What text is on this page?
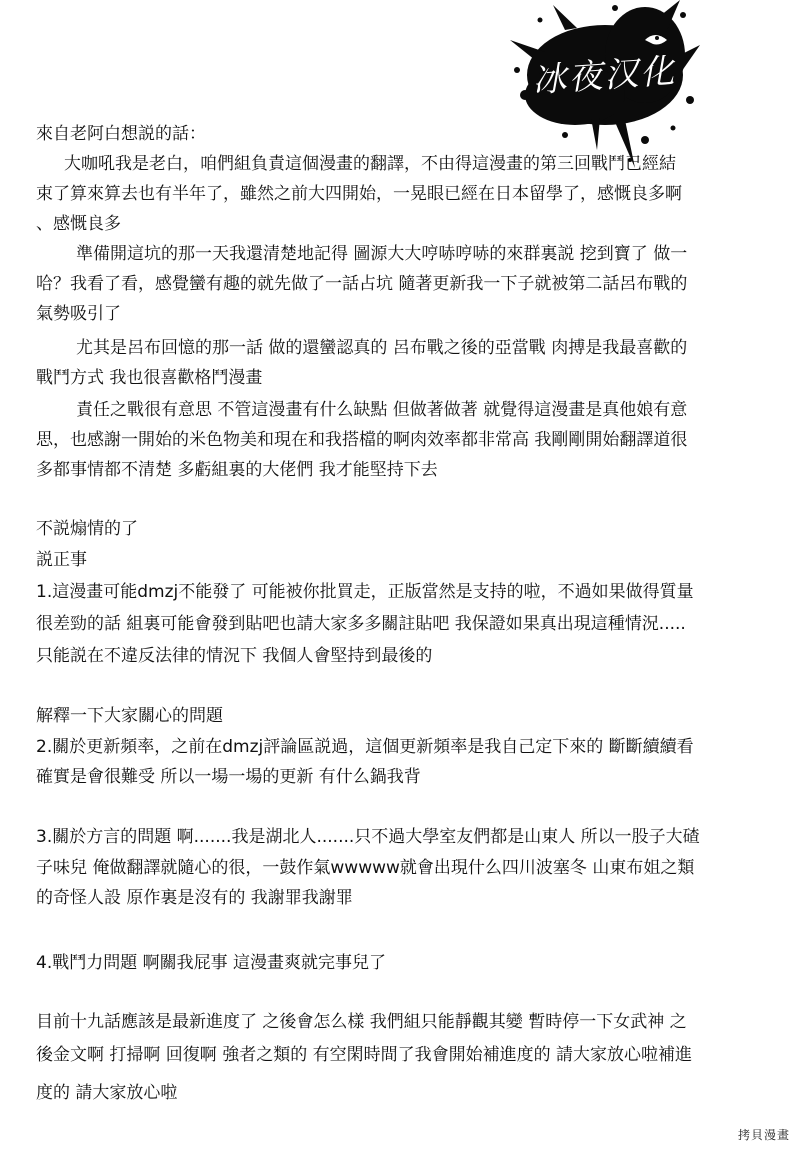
冰夜汉化
來自老阿白想説的話：
大咖吼我是老白，咱們組負責這個漫畫的翻譯，不由得這漫畫的第三回戰鬥已經結
束了算來算去也有半年了，雖然之前大四開始，一晃眼已經在日本留學了，感慨良多啊
、感慨良多
準備開這坑的那一天我還清楚地記得 圖源大大哼哧哼哧的來群裏説 挖到寶了 做一
哈？我看了看，感覺蠻有趣的就先做了一話占坑 隨著更新我一下子就被第二話呂布戰的
氣勢吸引了
尤其是呂布回憶的那一話 做的還蠻認真的 呂布戰之後的亞當戰 肉搏是我最喜歡的
戰鬥方式 我也很喜歡格鬥漫畫
責任之戰很有意思 不管這漫畫有什么缺點 但做著做著 就覺得這漫畫是真他娘有意
思，也感謝一開始的米色物美和現在和我搭檔的啊肉效率都非常高 我剛剛開始翻譯道很
多都事情都不清楚 多虧組裏的大佬們 我才能堅持下去
不説煽情的了
説正事
1.這漫畫可能dmzj不能發了 可能被你批買走，正版當然是支持的啦，不過如果做得質量
很差勁的話 組裏可能會發到貼吧也請大家多多關註貼吧 我保證如果真出現這種情況.....
只能説在不違反法律的情況下 我個人會堅持到最後的
解釋一下大家關心的問題
2.關於更新頻率，之前在dmzj評論區説過，這個更新頻率是我自己定下來的 斷斷續續看
確實是會很難受 所以一場一場的更新 有什么鍋我背
3.關於方言的問題 啊.......我是湖北人.......只不過大學室友們都是山東人 所以一股子大碴
子味兒 俺做翻譯就隨心的很，一鼓作氣wwwww就會出現什么四川波塞冬 山東布姐之類
的奇怪人設 原作裏是沒有的 我謝罪我謝罪
4.戰鬥力問題 啊關我屁事 這漫畫爽就完事兒了
目前十九話應該是最新進度了 之後會怎么樣 我們組只能靜觀其變 暫時停一下女武神 之
後金文啊 打掃啊 回復啊 強者之類的 有空閑時間了我會開始補進度的 請大家放心啦補進
度的 請大家放心啦
拷貝漫畫
